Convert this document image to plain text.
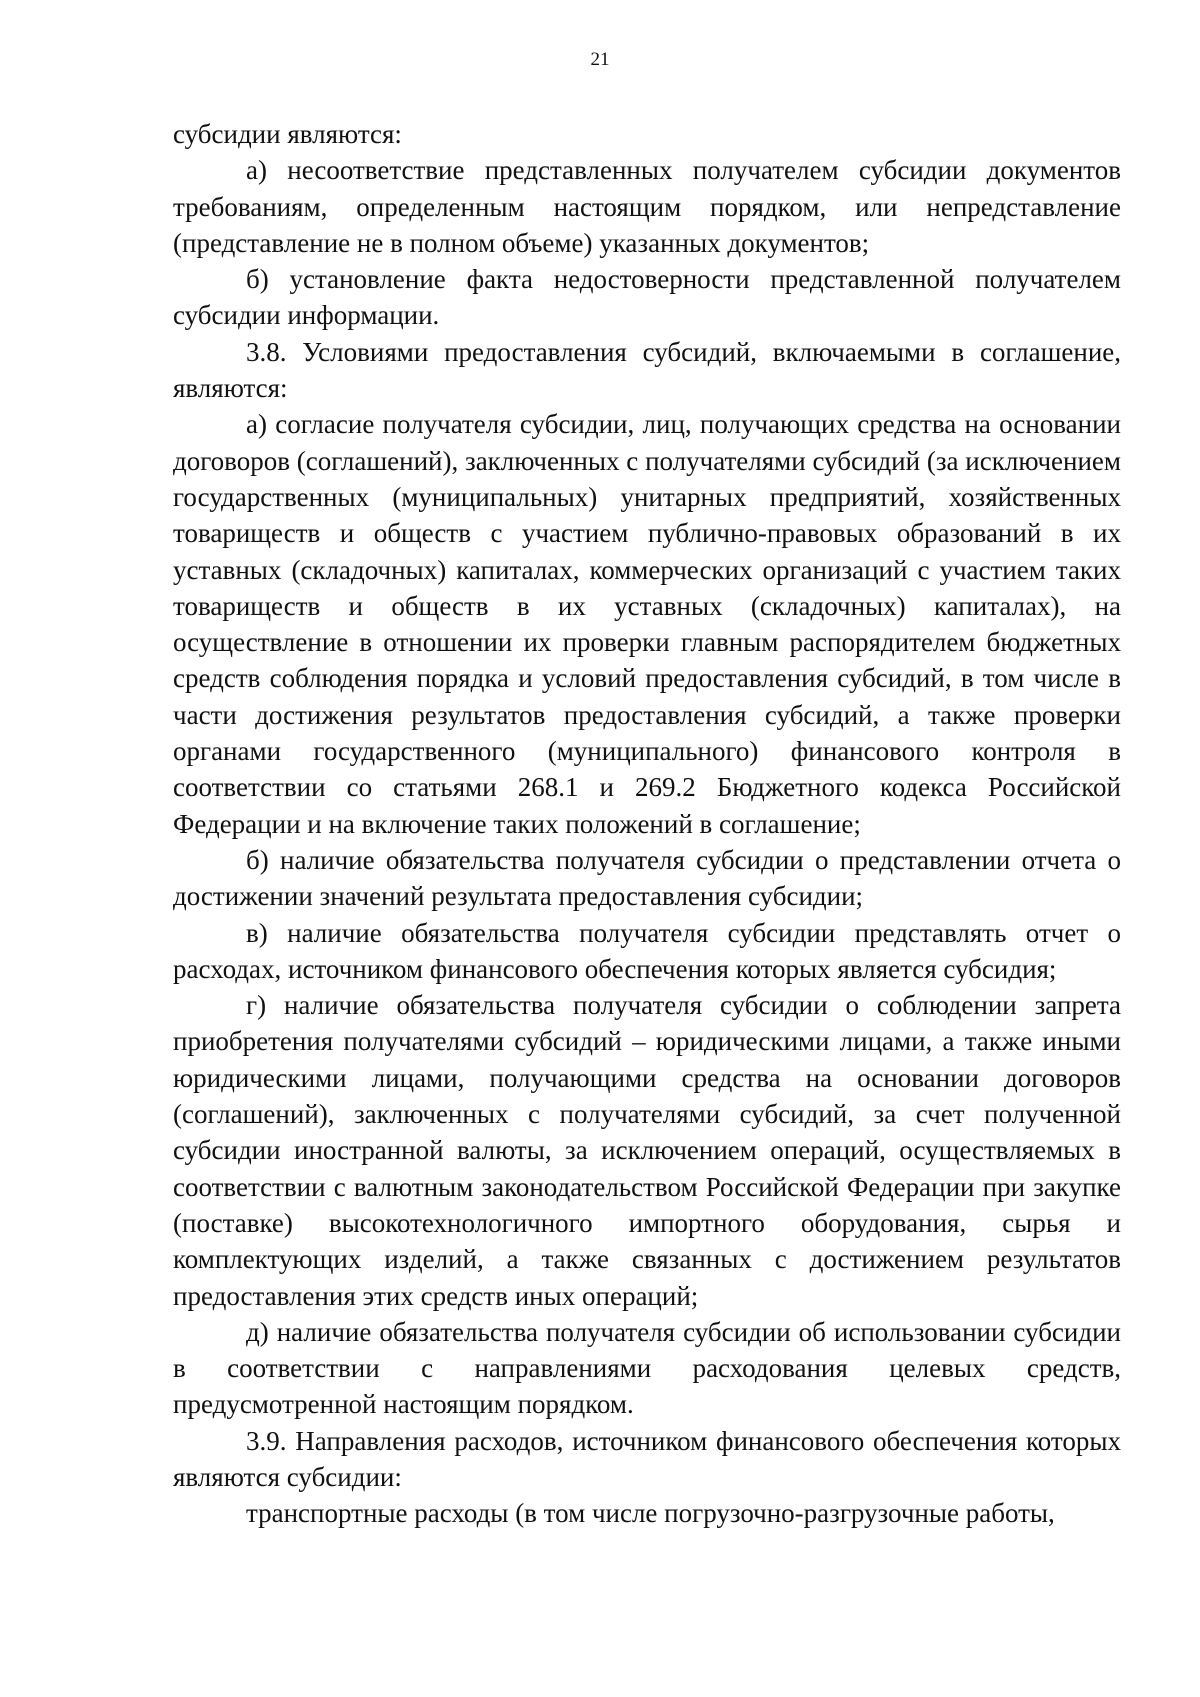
21

субсидии являются:

а) несоответствие представленных получателем субсидии документов требованиям, определенным настоящим порядком, или непредставление (представление не в полном объеме) указанных документов;

б) установление факта недостоверности представленной получателем субсидии информации.

3.8. Условиями предоставления субсидий, включаемыми в соглашение, являются:

а) согласие получателя субсидии, лиц, получающих средства на основании договоров (соглашений), заключенных с получателями субсидий (за исключением государственных (муниципальных) унитарных предприятий, хозяйственных товариществ и обществ с участием публично-правовых образований в их уставных (складочных) капиталах, коммерческих организаций с участием таких товариществ и обществ в их уставных (складочных) капиталах), на осуществление в отношении их проверки главным распорядителем бюджетных средств соблюдения порядка и условий предоставления субсидий, в том числе в части достижения результатов предоставления субсидий, а также проверки органами государственного (муниципального) финансового контроля в соответствии со статьями 268.1 и 269.2 Бюджетного кодекса Российской Федерации и на включение таких положений в соглашение;

б) наличие обязательства получателя субсидии о представлении отчета о достижении значений результата предоставления субсидии;

в) наличие обязательства получателя субсидии представлять отчет о расходах, источником финансового обеспечения которых является субсидия;

г) наличие обязательства получателя субсидии о соблюдении запрета приобретения получателями субсидий – юридическими лицами, а также иными юридическими лицами, получающими средства на основании договоров (соглашений), заключенных с получателями субсидий, за счет полученной субсидии иностранной валюты, за исключением операций, осуществляемых в соответствии с валютным законодательством Российской Федерации при закупке (поставке) высокотехнологичного импортного оборудования, сырья и комплектующих изделий, а также связанных с достижением результатов предоставления этих средств иных операций;

д) наличие обязательства получателя субсидии об использовании субсидии в соответствии с направлениями расходования целевых средств, предусмотренной настоящим порядком.

3.9. Направления расходов, источником финансового обеспечения которых являются субсидии:

транспортные расходы (в том числе погрузочно-разгрузочные работы,
